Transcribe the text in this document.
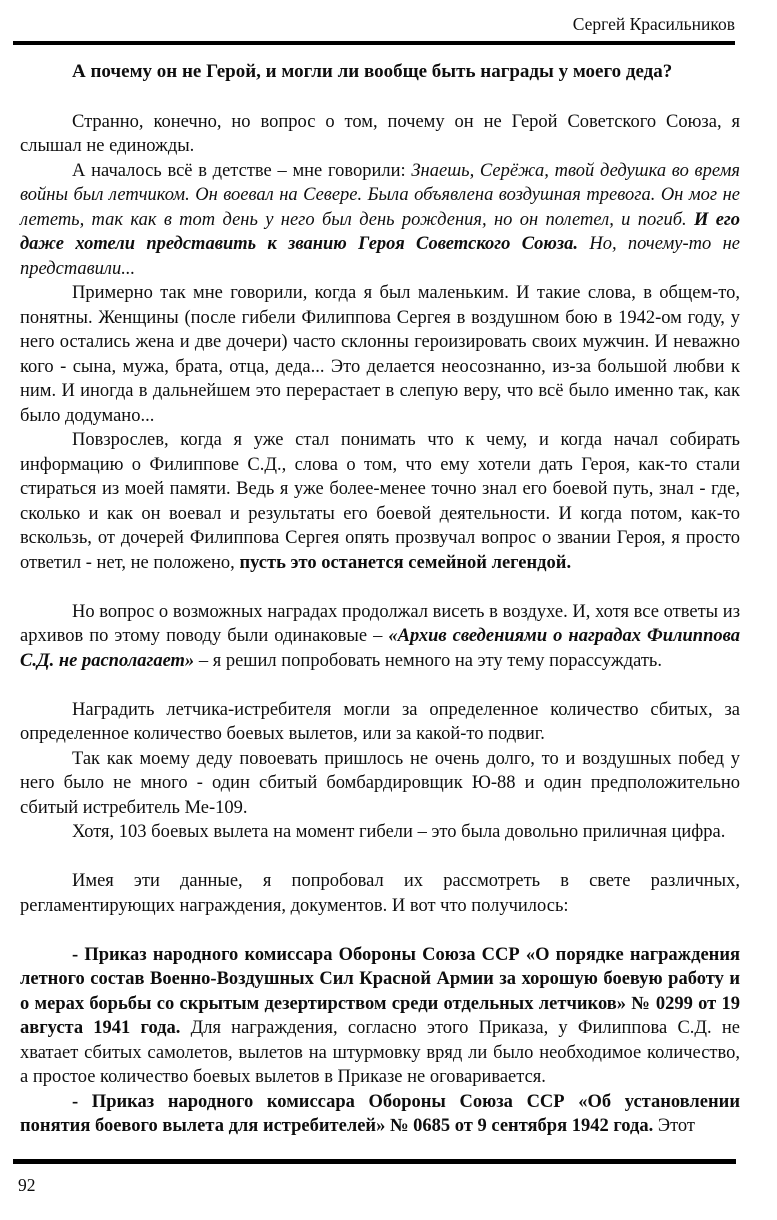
Сергей Красильников

А почему он не Герой, и могли ли вообще быть награды у моего деда?

Странно, конечно, но вопрос о том, почему он не Герой Советского Союза, я слышал не единожды.

А началось всё в детстве – мне говорили: Знаешь, Серёжа, твой дедушка во время войны был летчиком. Он воевал на Севере. Была объявлена воздушная тревога. Он мог не лететь, так как в тот день у него был день рождения, но он полетел, и погиб. И его даже хотели представить к званию Героя Советского Союза. Но, почему-то не представили...

Примерно так мне говорили, когда я был маленьким. И такие слова, в общем-то, понятны. Женщины (после гибели Филиппова Сергея в воздушном бою в 1942-ом году, у него остались жена и две дочери) часто склонны героизировать своих мужчин. И неважно кого - сына, мужа, брата, отца, деда... Это делается неосознанно, из-за большой любви к ним. И иногда в дальнейшем это перерастает в слепую веру, что всё было именно так, как было додумано...

Повзрослев, когда я уже стал понимать что к чему, и когда начал собирать информацию о Филиппове С.Д., слова о том, что ему хотели дать Героя, как-то стали стираться из моей памяти. Ведь я уже более-менее точно знал его боевой путь, знал - где, сколько и как он воевал и результаты его боевой деятельности. И когда потом, как-то вскользь, от дочерей Филиппова Сергея опять прозвучал вопрос о звании Героя, я просто ответил - нет, не положено, пусть это останется семейной легендой.

Но вопрос о возможных наградах продолжал висеть в воздухе. И, хотя все ответы из архивов по этому поводу были одинаковые – «Архив сведениями о наградах Филиппова С.Д. не располагает» – я решил попробовать немного на эту тему порассуждать.

Наградить летчика-истребителя могли за определенное количество сбитых, за определенное количество боевых вылетов, или за какой-то подвиг.

Так как моему деду повоевать пришлось не очень долго, то и воздушных побед у него было не много - один сбитый бомбардировщик Ю-88 и один предположительно сбитый истребитель Ме-109.

Хотя, 103 боевых вылета на момент гибели – это была довольно приличная цифра.

Имея эти данные, я попробовал их рассмотреть в свете различных, регламентирующих награждения, документов. И вот что получилось:

- Приказ народного комиссара Обороны Союза ССР «О порядке награждения летного состав Военно-Воздушных Сил Красной Армии за хорошую боевую работу и о мерах борьбы со скрытым дезертирством среди отдельных летчиков» № 0299 от 19 августа 1941 года. Для награждения, согласно этого Приказа, у Филиппова С.Д. не хватает сбитых самолетов, вылетов на штурмовку вряд ли было необходимое количество, а простое количество боевых вылетов в Приказе не оговаривается.

- Приказ народного комиссара Обороны Союза ССР «Об установлении понятия боевого вылета для истребителей» № 0685 от 9 сентября 1942 года. Этот

92
